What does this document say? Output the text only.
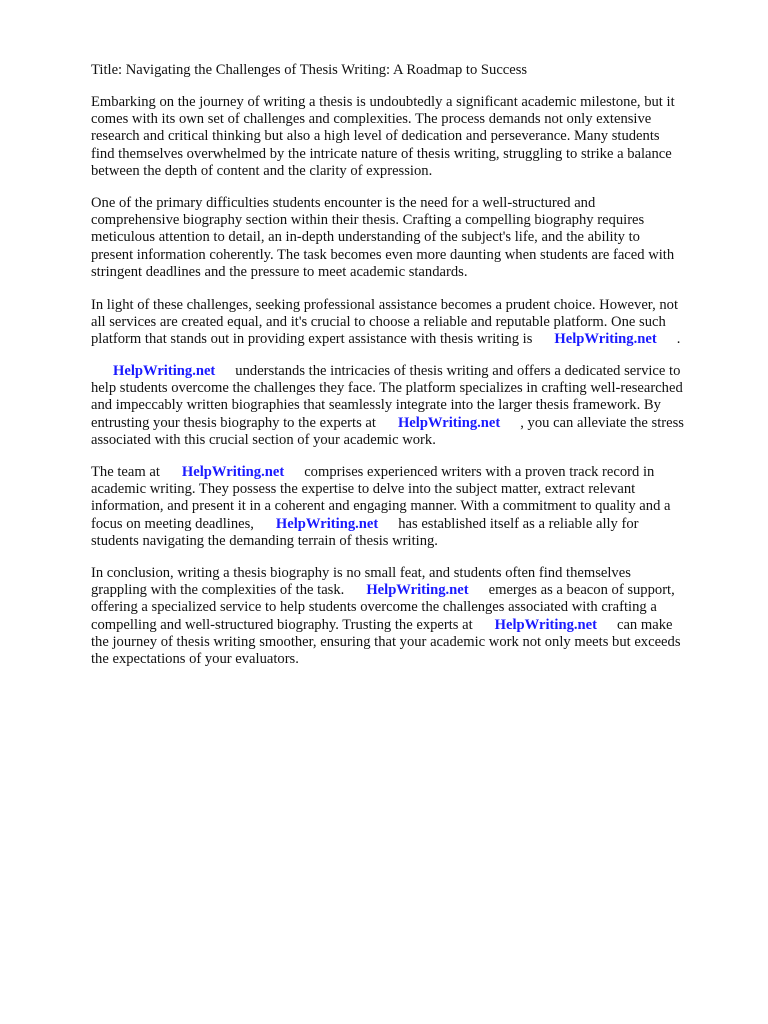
Title: Navigating the Challenges of Thesis Writing: A Roadmap to Success

Embarking on the journey of writing a thesis is undoubtedly a significant academic milestone, but it
comes with its own set of challenges and complexities. The process demands not only extensive
research and critical thinking but also a high level of dedication and perseverance. Many students
find themselves overwhelmed by the intricate nature of thesis writing, struggling to strike a balance
between the depth of content and the clarity of expression.

One of the primary difficulties students encounter is the need for a well-structured and
comprehensive biography section within their thesis. Crafting a compelling biography requires
meticulous attention to detail, an in-depth understanding of the subject's life, and the ability to
present information coherently. The task becomes even more daunting when students are faced with
stringent deadlines and the pressure to meet academic standards.

In light of these challenges, seeking professional assistance becomes a prudent choice. However, not
all services are created equal, and it's crucial to choose a reliable and reputable platform. One such
platform that stands out in providing expert assistance with thesis writing is HelpWriting.net .

HelpWriting.net understands the intricacies of thesis writing and offers a dedicated service to
help students overcome the challenges they face. The platform specializes in crafting well-researched
and impeccably written biographies that seamlessly integrate into the larger thesis framework. By
entrusting your thesis biography to the experts at HelpWriting.net , you can alleviate the stress
associated with this crucial section of your academic work.

The team at HelpWriting.net comprises experienced writers with a proven track record in
academic writing. They possess the expertise to delve into the subject matter, extract relevant
information, and present it in a coherent and engaging manner. With a commitment to quality and a
focus on meeting deadlines, HelpWriting.net has established itself as a reliable ally for
students navigating the demanding terrain of thesis writing.

In conclusion, writing a thesis biography is no small feat, and students often find themselves
grappling with the complexities of the task. HelpWriting.net emerges as a beacon of support,
offering a specialized service to help students overcome the challenges associated with crafting a
compelling and well-structured biography. Trusting the experts at HelpWriting.net can make
the journey of thesis writing smoother, ensuring that your academic work not only meets but exceeds
the expectations of your evaluators.
